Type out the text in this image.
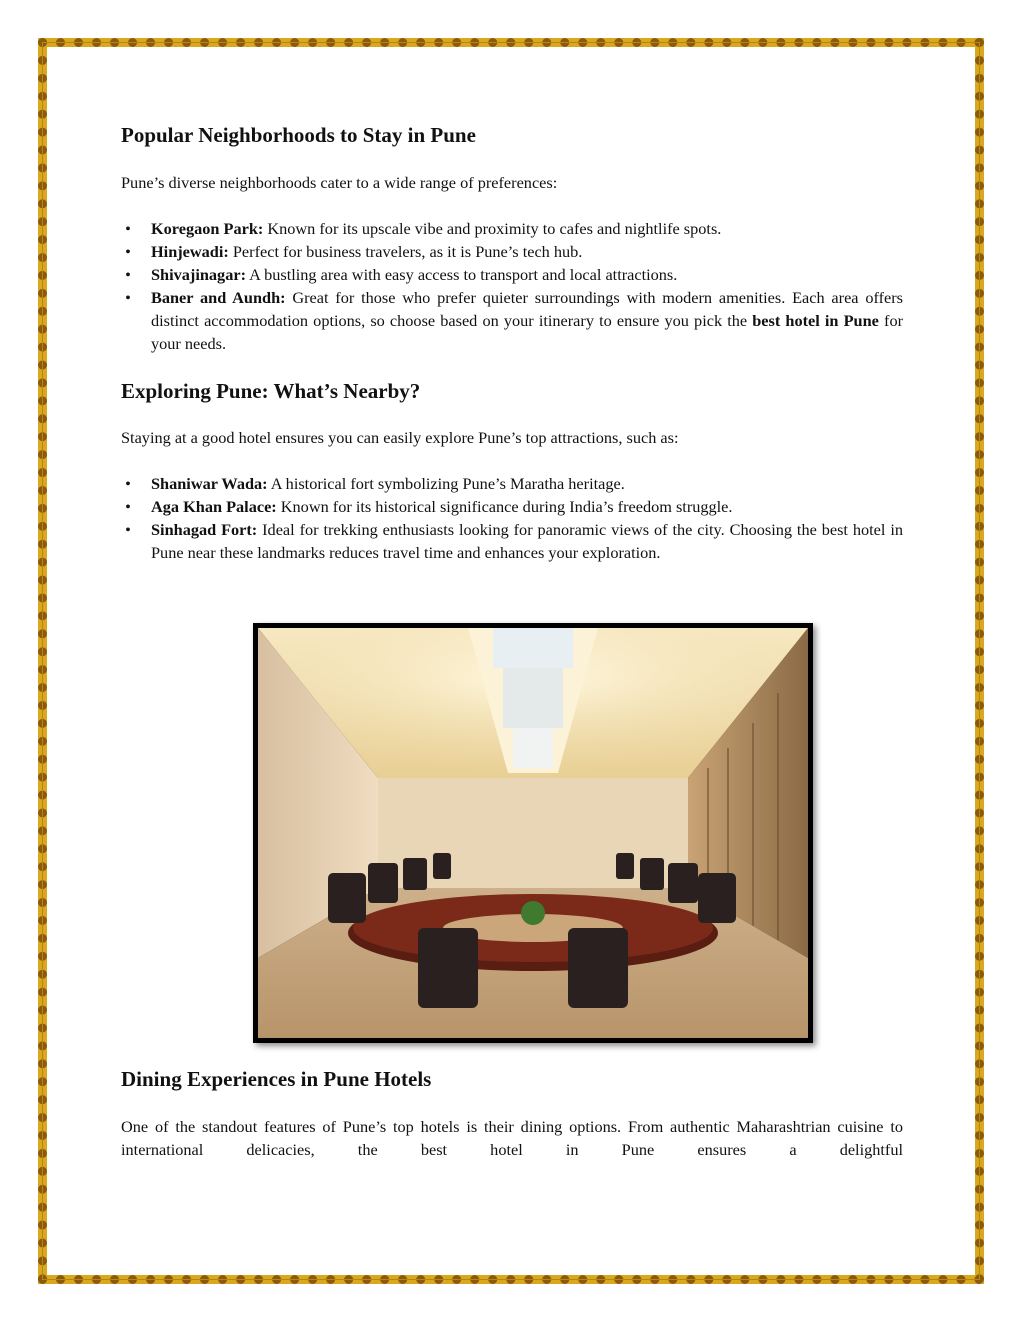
Popular Neighborhoods to Stay in Pune

Pune’s diverse neighborhoods cater to a wide range of preferences:

• Koregaon Park: Known for its upscale vibe and proximity to cafes and nightlife spots.
• Hinjewadi: Perfect for business travelers, as it is Pune’s tech hub.
• Shivajinagar: A bustling area with easy access to transport and local attractions.
• Baner and Aundh: Great for those who prefer quieter surroundings with modern amenities. Each area offers distinct accommodation options, so choose based on your itinerary to ensure you pick the best hotel in Pune for your needs.
Exploring Pune: What’s Nearby?

Staying at a good hotel ensures you can easily explore Pune’s top attractions, such as:

• Shaniwar Wada: A historical fort symbolizing Pune’s Maratha heritage.
• Aga Khan Palace: Known for its historical significance during India’s freedom struggle.
• Sinhagad Fort: Ideal for trekking enthusiasts looking for panoramic views of the city. Choosing the best hotel in Pune near these landmarks reduces travel time and enhances your exploration.
Dining Experiences in Pune Hotels

One of the standout features of Pune’s top hotels is their dining options. From authentic Maharashtrian cuisine to international delicacies, the best hotel in Pune ensures a delightful
